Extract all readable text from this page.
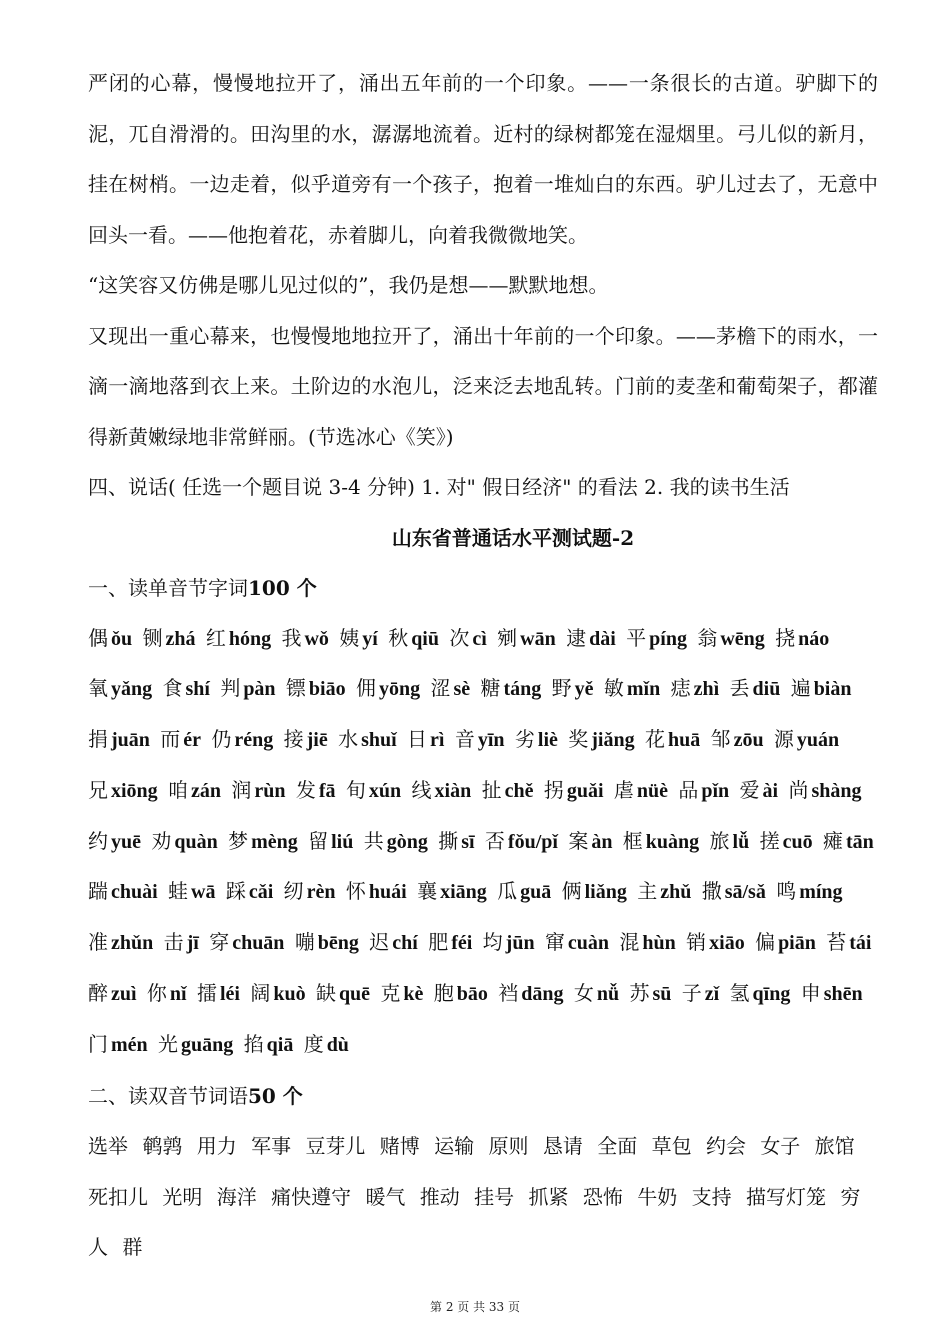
严闭的心幕，慢慢地拉开了，涌出五年前的一个印象。——一条很长的古道。驴脚下的泥，兀自滑滑的。田沟里的水，潺潺地流着。近村的绿树都笼在湿烟里。弓儿似的新月，挂在树梢。一边走着，似乎道旁有一个孩子，抱着一堆灿白的东西。驴儿过去了，无意中回头一看。——他抱着花，赤着脚儿，向着我微微地笑。

“这笑容又仿佛是哪儿见过似的”，我仍是想——默默地想。

又现出一重心幕来，也慢慢地地拉开了，涌出十年前的一个印象。——茅檐下的雨水，一滴一滴地落到衣上来。土阶边的水泡儿，泛来泛去地乱转。门前的麦垄和葡萄架子，都灌得新黄嫩绿地非常鲜丽。(节选冰心《笑》)

四、说话( 任选一个题目说 3-4 分钟) 1. 对" 假日经济" 的看法 2. 我的读书生活

山东省普通话水平测试题-2

一、读单音节字词100 个

偶 ǒu 铡 zhá 红 hóng 我 wǒ 姨 yí 秋 qiū 次 cì 剜 wān 逮 dài 平 píng 翁 wēng 挠 náo 氧 yǎng 食 shí 判 pàn 镖 biāo 佣 yōng 涩 sè 糖 táng 野 yě 敏 mǐn 痣 zhì 丢 diū 遍 biàn 捐 juān 而 ér 仍 réng 接 jiē 水 shuǐ 日 rì 音 yīn 劣 liè 奖 jiǎng 花 huā 邹 zōu 源 yuán 兄 xiōng 咱 zán 润 rùn 发 fā 旬 xún 线 xiàn 扯 chě 拐 guǎi 虐 nüè 品 pǐn 爱 ài 尚 shàng 约 yuē 劝 quàn 梦 mèng 留 liú 共 gòng 撕 sī 否 fǒu/pǐ 案 àn 框 kuàng 旅 lǚ 搓 cuō 瘫 tān 踹 chuài 蛙 wā 踩 cǎi 纫 rèn 怀 huái 襄 xiāng 瓜 guā 俩 liǎng 主 zhǔ 撒 sā/sǎ 鸣 míng 准 zhǔn 击 jī 穿 chuān 嘣 bēng 迟 chí 肥 féi 均 jūn 窜 cuàn 混 hùn 销 xiāo 偏 piān 苔 tái 醉 zuì 你 nǐ 擂 léi 阔 kuò 缺 quē 克 kè 胞 bāo 裆 dāng 女 nǚ 苏 sū 子 zǐ 氢 qīng 申 shēn 门 mén 光 guāng 掐 qiā 度 dù

二、读双音节词语50 个

选举 鹌鹑 用力 军事 豆芽儿 赌博 运输 原则 恳请 全面 草包 约会 女子 旅馆 死扣儿 光明 海洋 痛快遵守 暖气 推动 挂号 抓紧 恐怖 牛奶 支持 描写灯笼 穷人 群

第 2 页 共 33 页
